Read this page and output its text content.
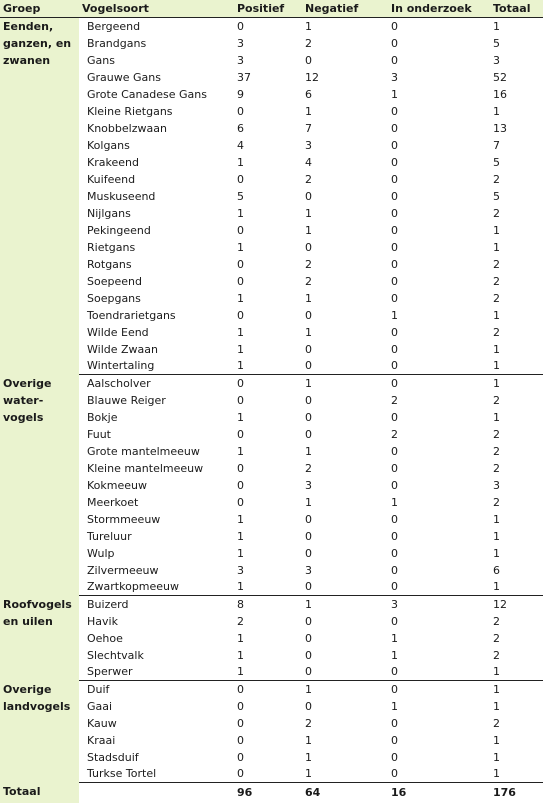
Groep	Vogelsoort	Positief	Negatief	In onderzoek	Totaal
Eenden, ganzen, en zwanen	Bergeend	0	1	0	1
	Brandgans	3	2	0	5
	Gans	3	0	0	3
	Grauwe Gans	37	12	3	52
	Grote Canadese Gans	9	6	1	16
	Kleine Rietgans	0	1	0	1
	Knobbelzwaan	6	7	0	13
	Kolgans	4	3	0	7
	Krakeend	1	4	0	5
	Kuifeend	0	2	0	2
	Muskuseend	5	0	0	5
	Nijlgans	1	1	0	2
	Pekingeend	0	1	0	1
	Rietgans	1	0	0	1
	Rotgans	0	2	0	2
	Soepeend	0	2	0	2
	Soepgans	1	1	0	2
	Toendrarietgans	0	0	1	1
	Wilde Eend	1	1	0	2
	Wilde Zwaan	1	0	0	1
	Wintertaling	1	0	0	1
Overige water-vogels	Aalscholver	0	1	0	1
	Blauwe Reiger	0	0	2	2
	Bokje	1	0	0	1
	Fuut	0	0	2	2
	Grote mantelmeeuw	1	1	0	2
	Kleine mantelmeeuw	0	2	0	2
	Kokmeeuw	0	3	0	3
	Meerkoet	0	1	1	2
	Stormmeeuw	1	0	0	1
	Tureluur	1	0	0	1
	Wulp	1	0	0	1
	Zilvermeeuw	3	3	0	6
	Zwartkopmeeuw	1	0	0	1
Roofvogels en uilen	Buizerd	8	1	3	12
	Havik	2	0	0	2
	Oehoe	1	0	1	2
	Slechtvalk	1	0	1	2
	Sperwer	1	0	0	1
Overige landvogels	Duif	0	1	0	1
	Gaai	0	0	1	1
	Kauw	0	2	0	2
	Kraai	0	1	0	1
	Stadsduif	0	1	0	1
	Turkse Tortel	0	1	0	1
Totaal		96	64	16	176
